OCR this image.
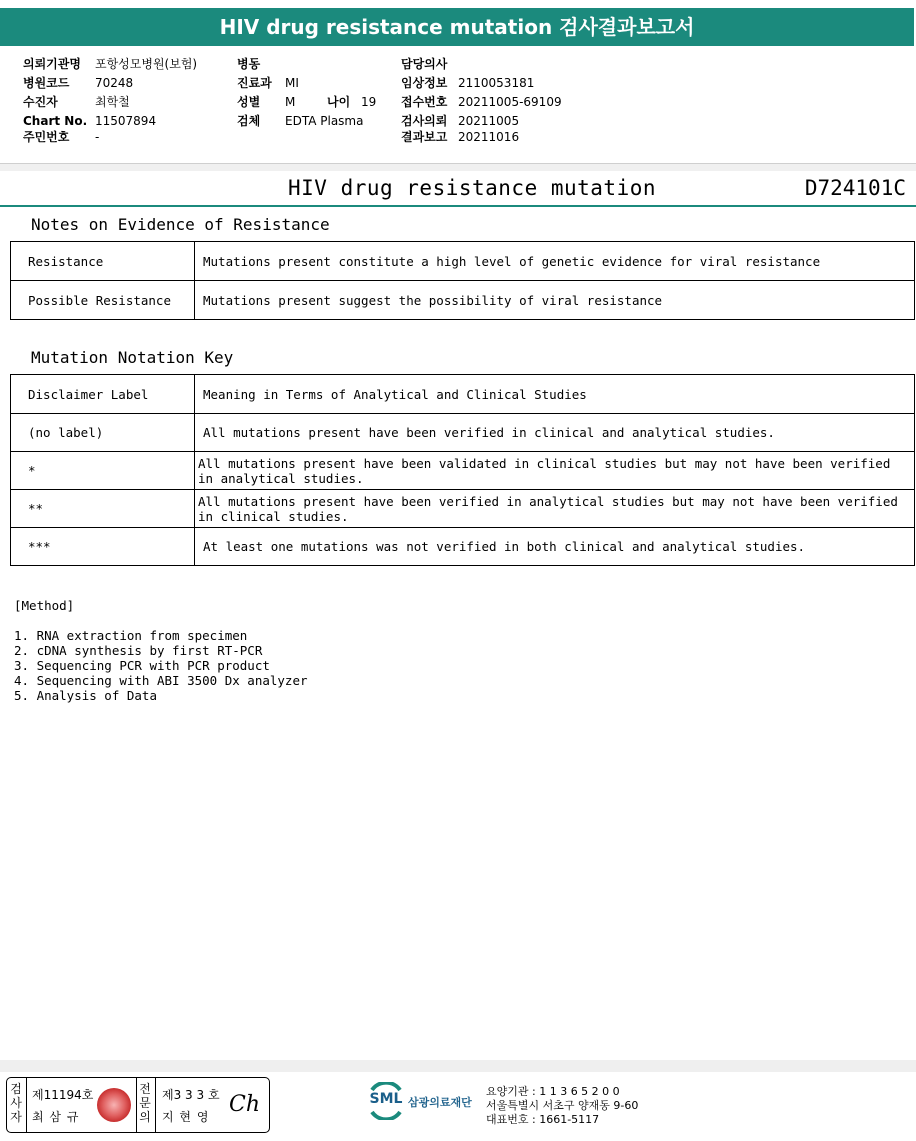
HIV drug resistance mutation 검사결과보고서
의뢰기관명 포항성모병원(보험)
병원코드 70248
수진자	최학철
Chart No. 11507894
주민번호 -
병동
진료과 MI
성별 M	나이 19
검체 EDTA Plasma
담당의사
임상정보 2110053181
접수번호 20211005-69109
검사의뢰 20211005
결과보고 20211016
HIV drug resistance mutation	D724101C
Notes on Evidence of Resistance
Resistance	Mutations present constitute a high level of genetic evidence for viral resistance
Possible Resistance	Mutations present suggest the possibility of viral resistance
Mutation Notation Key
Disclaimer Label	Meaning in Terms of Analytical and Clinical Studies
(no label)	All mutations present have been verified in clinical and analytical studies.
*	All mutations present have been validated in clinical studies but may not have been verified in analytical studies.
**	All mutations present have been verified in analytical studies but may not have been verified in clinical studies.
***	At least one mutations was not verified in both clinical and analytical studies.
[Method]
1. RNA extraction from specimen
2. cDNA synthesis by first RT-PCR
3. Sequencing PCR with PCR product
4. Sequencing with ABI 3500 Dx analyzer
5. Analysis of Data
검사자
제11194호
최 삼 규
전문의
제3 3 3 호
지 현 영 Ch	SML 삼광의료재단
요양기관 : 1 1 3 6 5 2 0 0
서울특별시 서초구 양재동 9-60
대표번호 : 1661-5117
